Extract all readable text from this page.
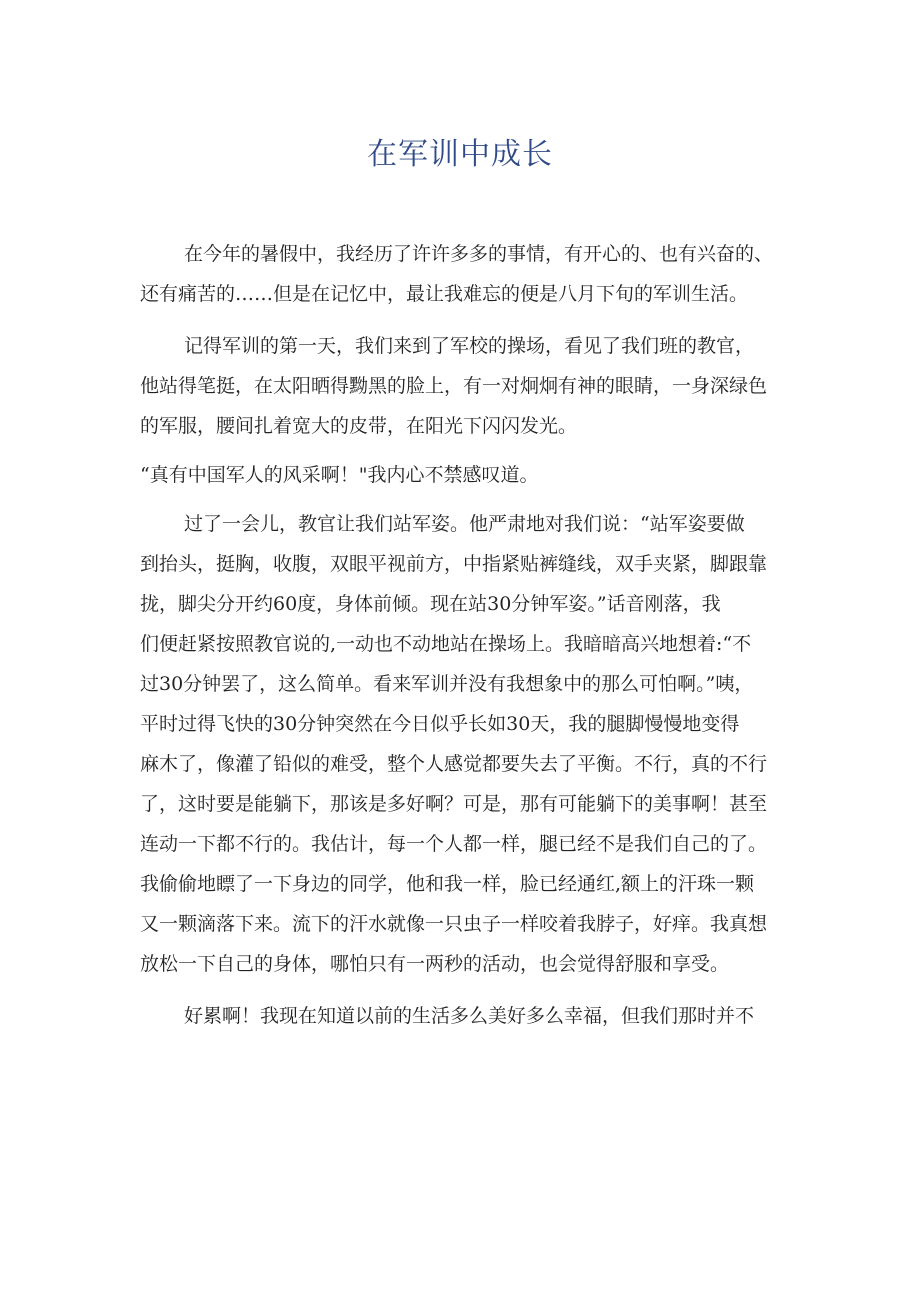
在军训中成长
在今年的暑假中，我经历了许许多多的事情，有开心的、也有兴奋的、
还有痛苦的……但是在记忆中，最让我难忘的便是八月下旬的军训生活。
记得军训的第一天，我们来到了军校的操场，看见了我们班的教官，
他站得笔挺，在太阳晒得黝黑的脸上，有一对炯炯有神的眼睛，一身深绿色
的军服，腰间扎着宽大的皮带，在阳光下闪闪发光。
“真有中国军人的风采啊！"我内心不禁感叹道。
过了一会儿，教官让我们站军姿。他严肃地对我们说：“站军姿要做
到抬头，挺胸，收腹，双眼平视前方，中指紧贴裤缝线，双手夹紧，脚跟靠
拢，脚尖分开约60度，身体前倾。现在站30分钟军姿。”话音刚落，我
们便赶紧按照教官说的,一动也不动地站在操场上。我暗暗高兴地想着:“不
过30分钟罢了，这么简单。看来军训并没有我想象中的那么可怕啊。”咦，
平时过得飞快的30分钟突然在今日似乎长如30天，我的腿脚慢慢地变得
麻木了，像灌了铅似的难受，整个人感觉都要失去了平衡。不行，真的不行
了，这时要是能躺下，那该是多好啊？可是，那有可能躺下的美事啊！甚至
连动一下都不行的。我估计，每一个人都一样，腿已经不是我们自己的了。
我偷偷地瞟了一下身边的同学，他和我一样，脸已经通红,额上的汗珠一颗
又一颗滴落下来。流下的汗水就像一只虫子一样咬着我脖子，好痒。我真想
放松一下自己的身体，哪怕只有一两秒的活动，也会觉得舒服和享受。
好累啊！我现在知道以前的生活多么美好多么幸福，但我们那时并不
